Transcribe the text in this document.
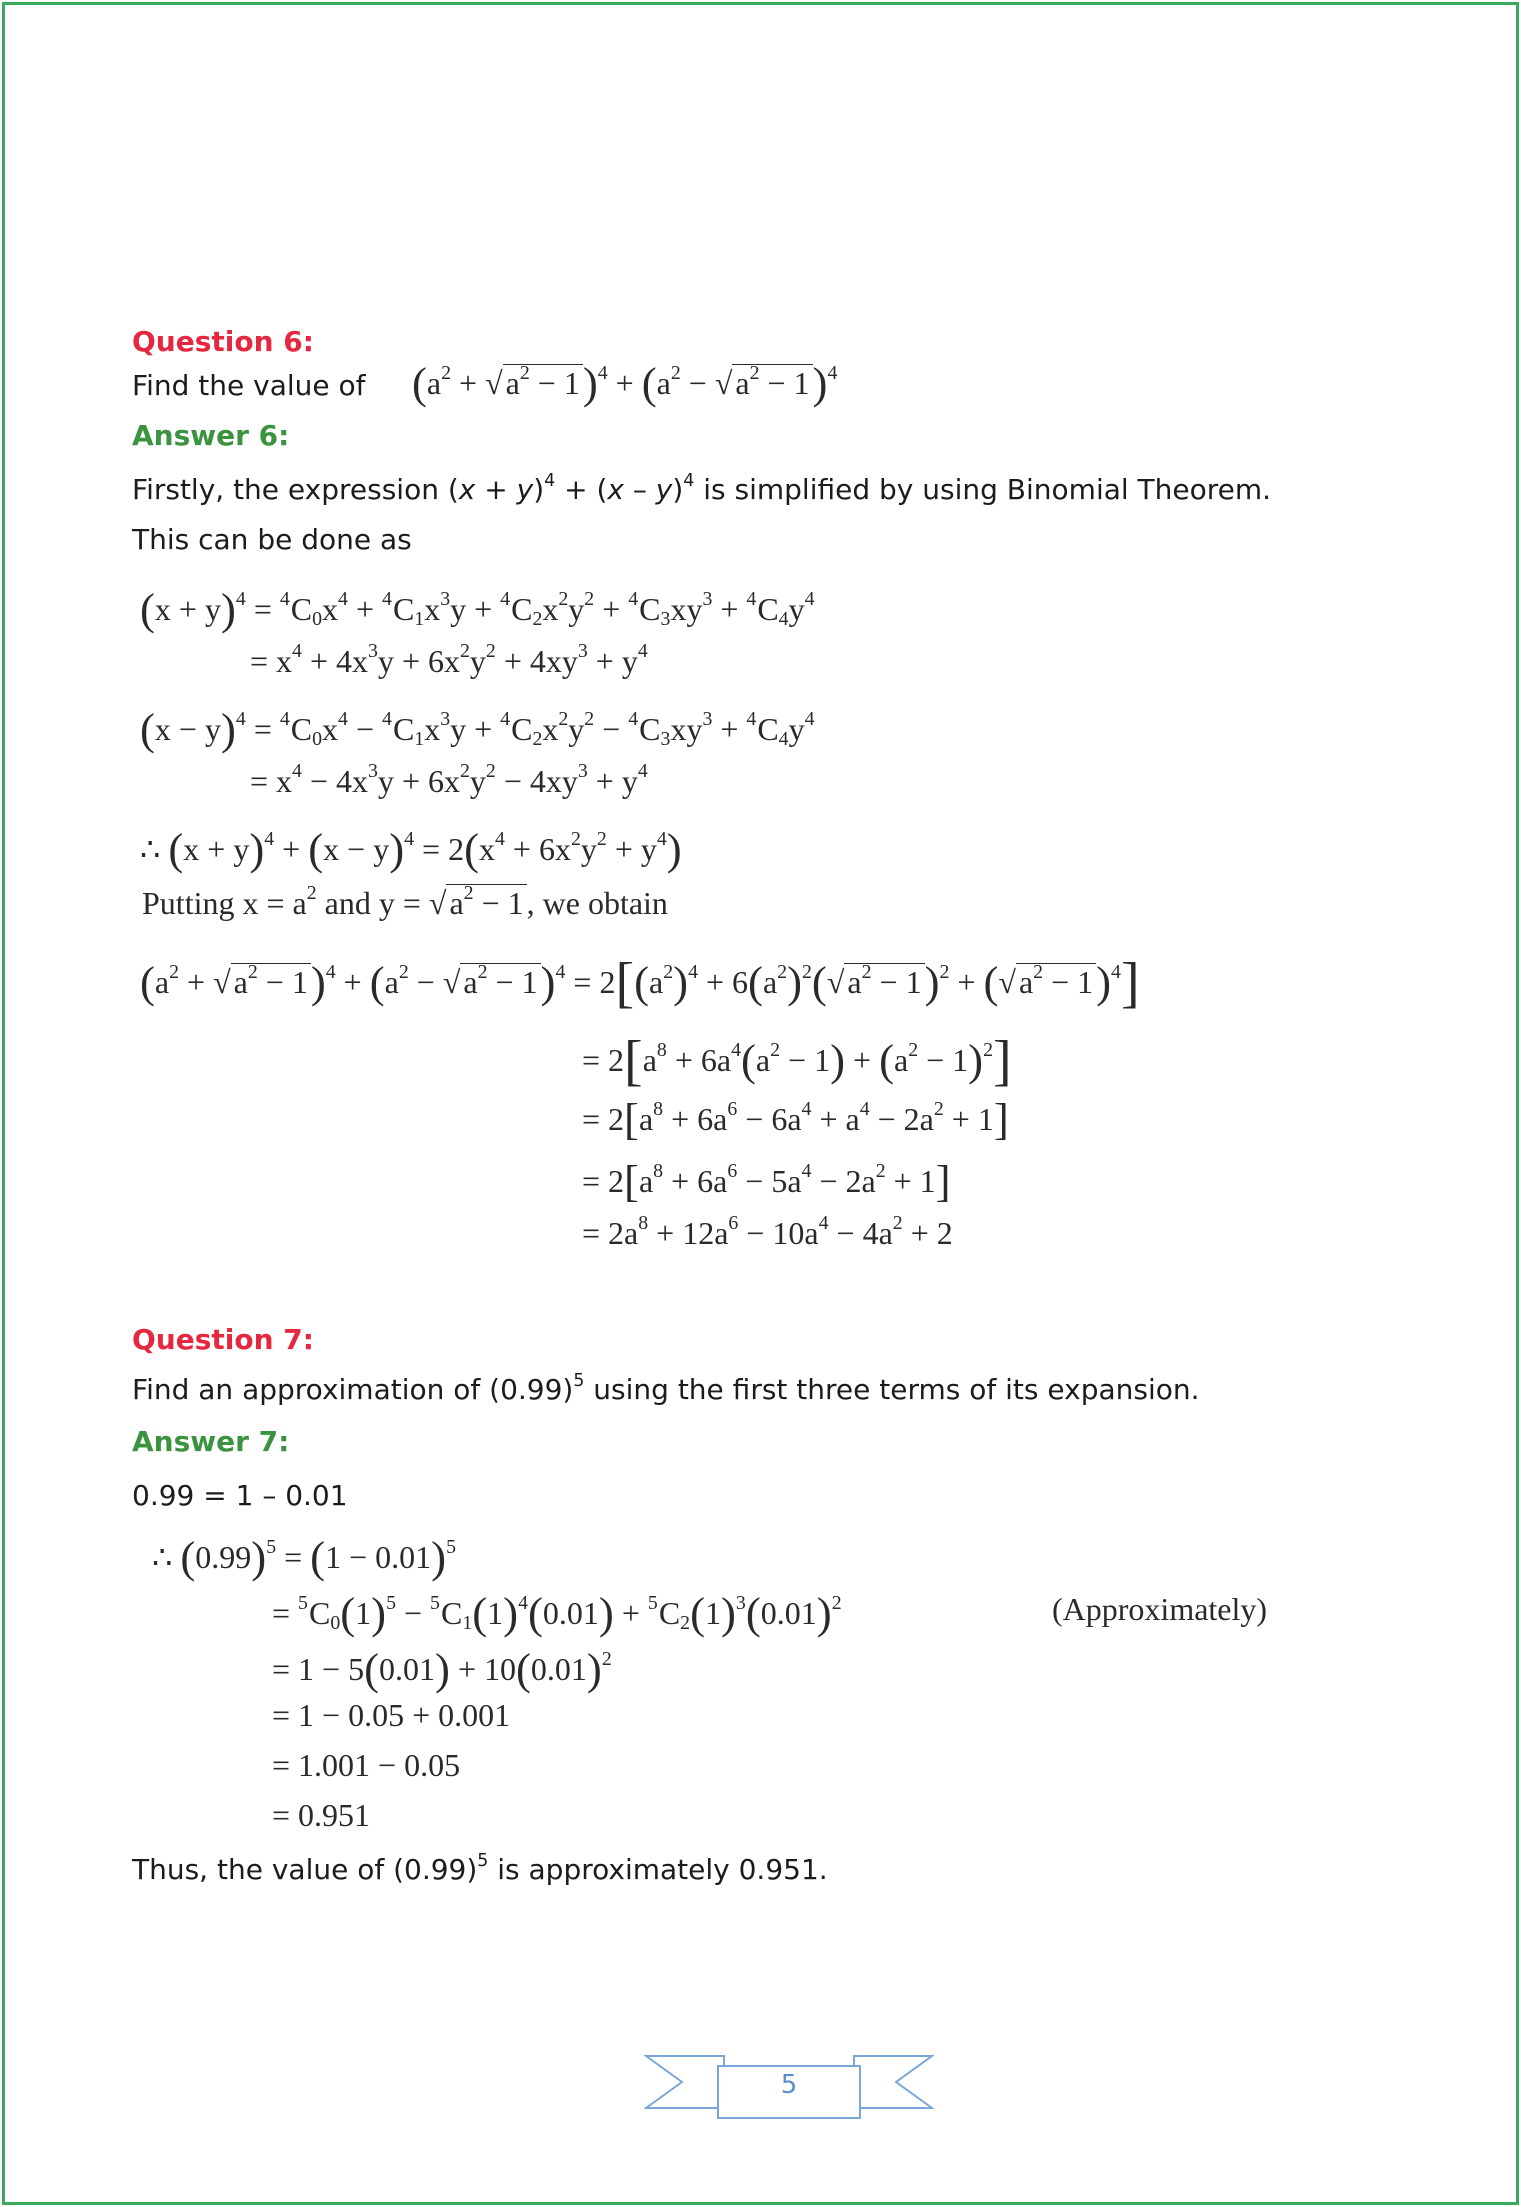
Question 6:
Find the value of $(a^2 + √a^2 - 1)^4 + (a^2 - √a^2 - 1)^4$
Answer 6:
Firstly, the expression $(x + y)^4 + (x - y)^4$ is simplified by using Binomial Theorem.
This can be done as
$(x + y)^4 = ^4C_0x^4 + ^4C_1x^3y + ^4C_2x^2y^2 + ^4C_3xy^3 + ^4C_4y^4$
= $x^4 + 4x^3y + 6x^2y^2 + 4xy^3 + y^4$
$(x - y)^4 = ^4C_0x^4 - ^4C_1x^3y + ^4C_2x^2y^2 - ^4C_3xy^3 + ^4C_4y^4$
= $x^4 - 4x^3y + 6x^2y^2 - 4xy^3 + y^4$
∴ $(x + y)^4 + (x - y)^4 = 2(x^4 + 6x^2y^2 + y^4)$
Putting $x = a^2$ and $y = √a^2 - 1$, we obtain
$(a^2 + √a^2 - 1)^4 + (a^2 - √a^2 - 1)^4 = 2[(a^2)^4 + 6(a^2)^2(√a^2 - 1)^2 + (√a^2 - 1)^4]$
= $2[a^8 + 6a^4(a^2 - 1) + (a^2 - 1)^2]$
= $2[a^8 + 6a^6 - 6a^4 + a^4 - 2a^2 + 1]$
= $2[a^8 + 6a^6 - 5a^4 - 2a^2 + 1]$
= $2a^8 + 12a^6 - 10a^4 - 4a^2 + 2$
Question 7:
Find an approximation of $(0.99)^5$ using the first three terms of its expansion.
Answer 7:
0.99 = 1 – 0.01
∴ $(0.99)^5 = (1 - 0.01)^5$
= $^5C_0(1)^5 - ^5C_1(1)^4(0.01) + ^5C_2(1)^3(0.01)^2$	(Approximately)
= $1 - 5(0.01) + 10(0.01)^2$
= 1 − 0.05 + 0.001
= 1.001 − 0.05
= 0.951
Thus, the value of $(0.99)^5$ is approximately 0.951.
5
